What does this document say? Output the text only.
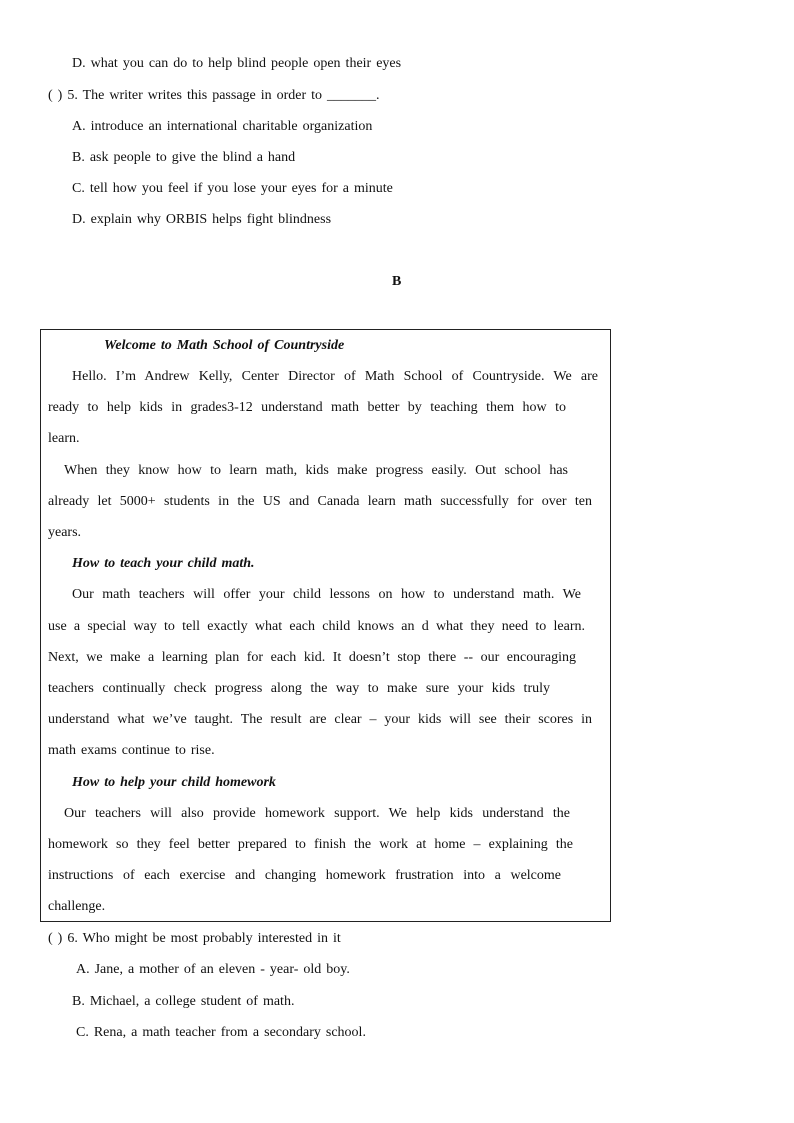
D. what you can do to help blind people open their eyes
( ) 5. The writer writes this passage in order to _______.
A. introduce an international charitable organization
B. ask people to give the blind a hand
C. tell how you feel if you lose your eyes for a minute
D. explain why ORBIS helps fight blindness
B
Welcome to Math School of Countryside
Hello. I’m Andrew Kelly, Center Director of Math School of Countryside. We are
ready to help kids in grades3-12 understand math better by teaching them how to
learn.
When they know how to learn math, kids make progress easily. Out school has
already let 5000+ students in the US and Canada learn math successfully for over ten
years.
How to teach your child math.
Our math teachers will offer your child lessons on how to understand math. We
use a special way to tell exactly what each child knows an d what they need to learn.
Next, we make a learning plan for each kid. It doesn’t stop there -- our encouraging
teachers continually check progress along the way to make sure your kids truly
understand what we’ve taught. The result are clear – your kids will see their scores in
math exams continue to rise.
How to help your child homework
Our teachers will also provide homework support. We help kids understand the
homework so they feel better prepared to finish the work at home – explaining the
instructions of each exercise and changing homework frustration into a welcome
challenge.
( ) 6. Who might be most probably interested in it
A. Jane, a mother of an eleven - year- old boy.
B. Michael, a college student of math.
C. Rena, a math teacher from a secondary school.
